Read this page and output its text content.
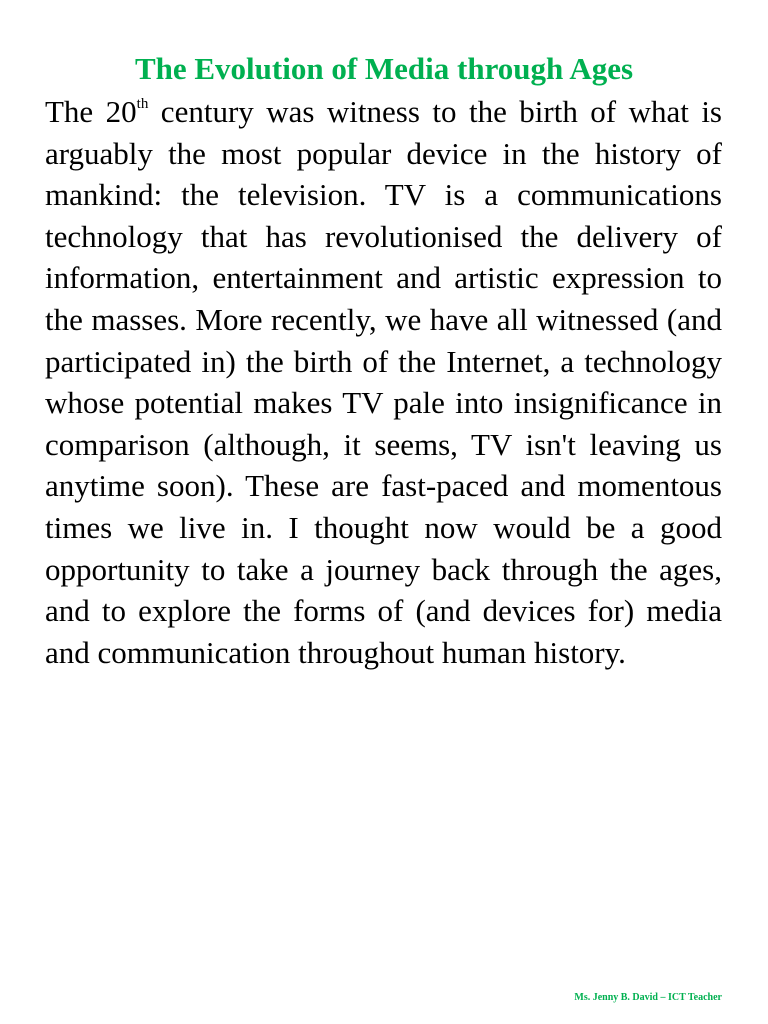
The Evolution of Media through Ages

The 20th century was witness to the birth of what is arguably the most popular device in the history of mankind: the television. TV is a communications technology that has revolutionised the delivery of information, entertainment and artistic expression to the masses. More recently, we have all witnessed (and participated in) the birth of the Internet, a technology whose potential makes TV pale into insignificance in comparison (although, it seems, TV isn't leaving us anytime soon). These are fast-paced and momentous times we live in. I thought now would be a good opportunity to take a journey back through the ages, and to explore the forms of (and devices for) media and communication throughout human history.

Ms. Jenny B. David – ICT Teacher
